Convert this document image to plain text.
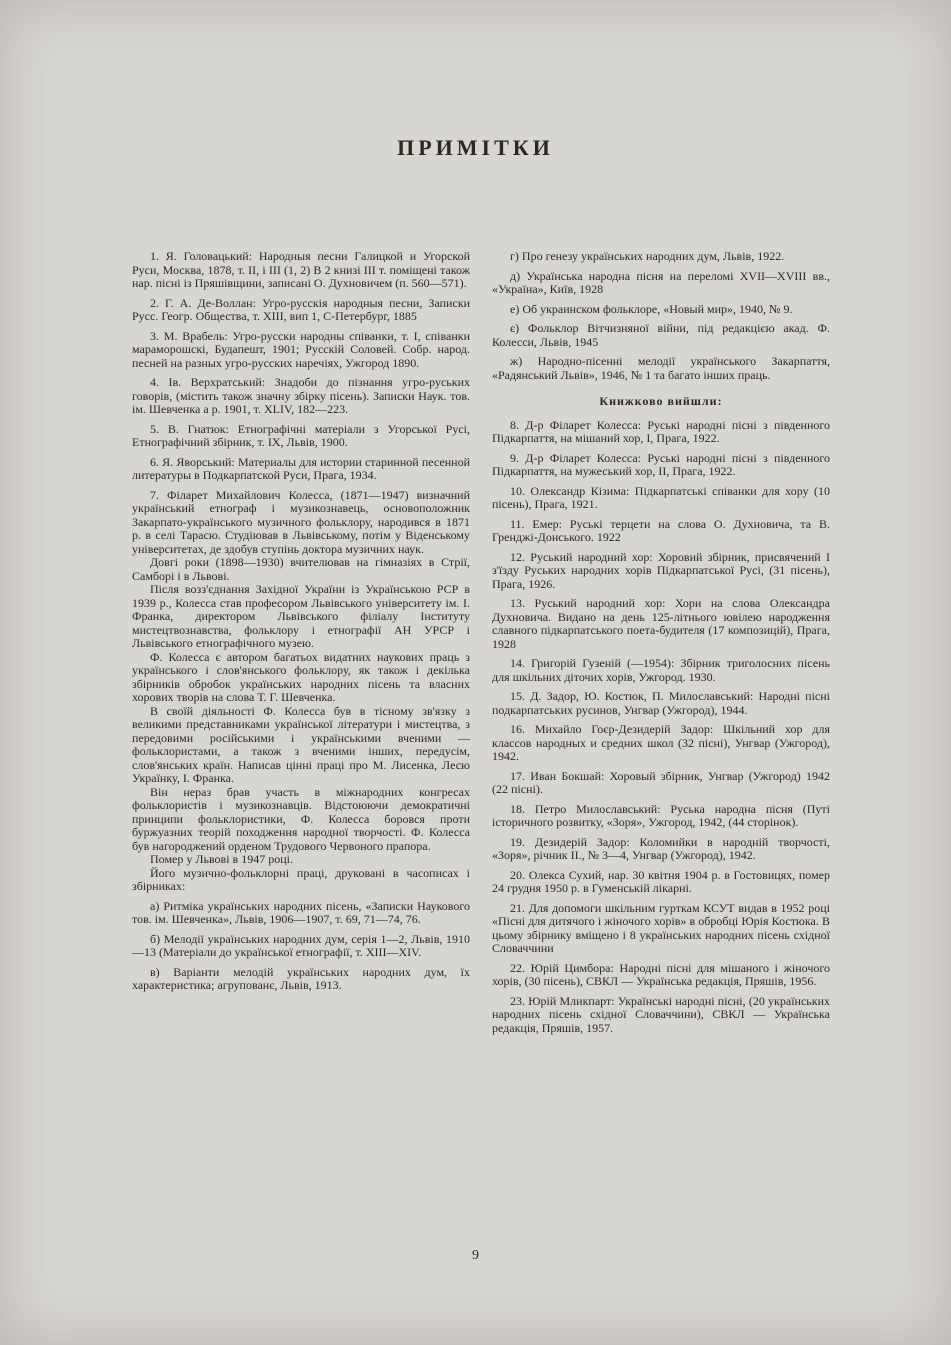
ПРИМІТКИ

1. Я. Головацький: Народныя песни Галицкой и Угорской Руси, Москва, 1878, т. II, і III (1, 2) В 2 книзі III т. поміщені також нар. пісні із Пряшівщини, записані О. Духновичем (п. 560—571).

2. Г. А. Де-Воллан: Угро-русскія народныя песни, Записки Русс. Геогр. Общества, т. XIII, вип 1, С-Петербург, 1885

3. М. Врабель: Угро-русски народны співанки, т. I, співанки мараморошскі, Будапешт, 1901; Русскій Соловей. Собр. народ. песней на разных угро-русских наречіях, Ужгород 1890.

4. Ів. Верхратський: Знадоби до пізнання угро-руських говорів, (містить також значну збірку пісень). Записки Наук. тов. ім. Шевченка а р. 1901, т. XLIV, 182—223.

5. В. Гнатюк: Етнографічні матеріали з Угорської Русі, Етнографічний збірник, т. IX, Львів, 1900.

6. Я. Яворський: Материалы для истории старинной песенной литературы в Подкарпатской Руси, Прага, 1934.

7. Філарет Михайлович Колесса, (1871—1947) визначний український етнограф і музикознавець, основоположник Закарпато-українського музичного фольклору, народився в 1871 р. в селі Тарасю. Студіював в Львівському, потім у Віденському університетах, де здобув ступінь доктора музичних наук.

Довгі роки (1898—1930) вчителював на гімназіях в Стрії, Самборі і в Львові.

Після возз'єднання Західної України із Українською РСР в 1939 р., Колесса став професором Львівського університету ім. І. Франка, директором Львівського філіалу Інституту мистецтвознавства, фольклору і етнографії АН УРСР і Львівського етнографічного музею.

Ф. Колесса є автором багатьох видатних наукових праць з українського і слов'янського фольклору, як також і декілька збірників обробок українських народних пісень та власних хорових творів на слова Т. Г. Шевченка.

В своїй діяльності Ф. Колесса був в тісному зв'язку з великими представниками української літератури і мистецтва, з передовими російськими і українськими вченими — фольклористами, а також з вченими інших, передусім, слов'янських країн. Написав цінні праці про М. Лисенка, Лесю Українку, І. Франка.

Він нераз брав участь в міжнародних конгресах фольклористів і музикознавців. Відстоюючи демократичні принципи фольклористики, Ф. Колесса боровся проти буржуазних теорій походження народної творчості. Ф. Колесса був нагороджений орденом Трудового Червоного прапора.

Помер у Львові в 1947 році.

Його музично-фольклорні праці, друковані в часописах і збірниках:

а) Ритміка українських народних пісень, «Записки Наукового тов. ім. Шевченка», Львів, 1906—1907, т. 69, 71—74, 76.

б) Мелодії українських народних дум, серія 1—2, Львів, 1910—13 (Матеріали до української етнографії, т. XIII—XIV.

в) Варіанти мелодій українських народних дум, їх характеристика; агрупованє, Львів, 1913.

г) Про генезу українських народних дум, Львів, 1922.

д) Українська народна пісня на переломі XVII—XVIII вв., «Україна», Київ, 1928

е) Об украинском фольклоре, «Новый мир», 1940, № 9.

є) Фольклор Вітчизняної війни, під редакцією акад. Ф. Колесси, Львів, 1945

ж) Народно-пісенні мелодії українського Закарпаття, «Радянський Львів», 1946, № 1 та багато інших праць.

Книжково вийшли:

8. Д-р Філарет Колесса: Руські народні пісні з південного Підкарпаття, на мішаний хор, I, Прага, 1922.

9. Д-р Філарет Колесса: Руські народні пісні з південного Підкарпаття, на мужеський хор, II, Прага, 1922.

10. Олександр Кізима: Підкарпатські співанки для хору (10 пісень), Прага, 1921.

11. Емер: Руські терцети на слова О. Духновича, та В. Гренджі-Донського. 1922

12. Руський народний хор: Хоровий збірник, присвячений I з'їзду Руських народних хорів Підкарпатської Русі, (31 пісень), Прага, 1926.

13. Руський народний хор: Хори на слова Олександра Духновича. Видано на день 125-літнього ювілею народження славного підкарпатського поета-будителя (17 композицій), Прага, 1928

14. Григорій Гузеній (—1954): Збірник триголосних пісень для шкільних діточих хорів, Ужгород. 1930.

15. Д. Задор, Ю. Костюк, П. Милославський: Народні пісні подкарпатських русинов, Унгвар (Ужгород), 1944.

16. Михайло Гоєр-Дезидерій Задор: Шкільний хор для классов народных и средних школ (32 пісні), Унгвар (Ужгород), 1942.

17. Иван Бокшай: Хоровый збірник, Унгвар (Ужгород) 1942 (22 пісні).

18. Петро Милославський: Руська народна пісня (Путі історичного розвитку, «Зоря», Ужгород, 1942, (44 сторінок).

19. Дезидерій Задор: Коломийки в народній творчості, «Зоря», річник II., № 3—4, Унгвар (Ужгород), 1942.

20. Олекса Сухий, нар. 30 квітня 1904 р. в Гостовицях, помер 24 грудня 1950 р. в Гуменській лікарні.

21. Для допомоги шкільним гурткам КСУТ видав в 1952 році «Пісні для дитячого і жіночого хорів» в обробці Юрія Костюка. В цьому збірнику вміщено і 8 українських народних пісень східної Словаччини

22. Юрій Цимбора: Народні пісні для мішаного і жіночого хорів, (30 пісень), СВКЛ — Українська редакція, Пряшів, 1956.

23. Юрій Мликпарт: Українські народні пісні, (20 українських народних пісень східної Словаччини), СВКЛ — Українська редакція, Пряшів, 1957.

9
